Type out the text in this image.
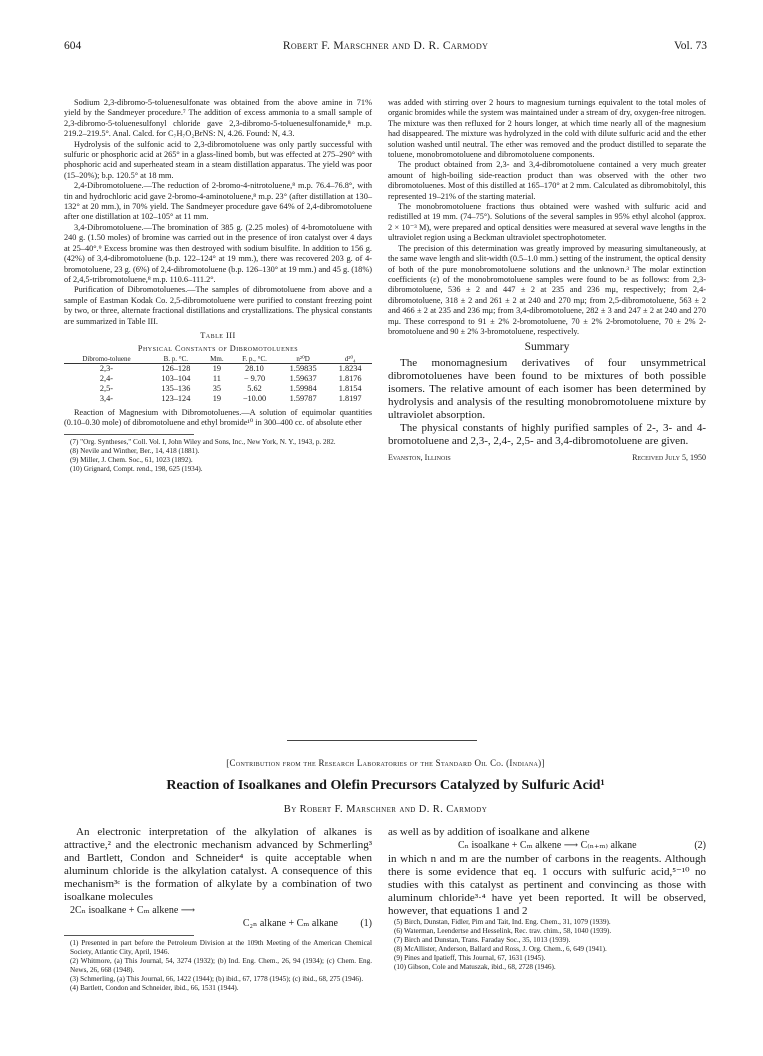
604	Robert F. Marschner and D. R. Carmody	Vol. 73

Sodium 2,3-dibromo-5-toluenesulfonate was obtained from the above amine in 71% yield by the Sandmeyer procedure.⁷ The addition of excess ammonia to a small sample of 2,3-dibromo-5-toluenesulfonyl chloride gave 2,3-dibromo-5-toluenesulfonamide,⁸ m.p. 219.2–219.5°. Anal. Calcd. for C₇H₇O₂BrNS: N, 4.26. Found: N, 4.3.

Hydrolysis of the sulfonic acid to 2,3-dibromotoluene was only partly successful with sulfuric or phosphoric acid at 265° in a glass-lined bomb, but was effected at 275–290° with phosphoric acid and superheated steam in a steam distillation apparatus. The yield was poor (15–20%); b.p. 120.5° at 18 mm.

2,4-Dibromotoluene.—The reduction of 2-bromo-4-nitrotoluene,⁸ m.p. 76.4–76.8°, with tin and hydrochloric acid gave 2-bromo-4-aminotoluene,⁸ m.p. 23° (after distillation at 130–132° at 20 mm.), in 70% yield. The Sandmeyer procedure gave 64% of 2,4-dibromotoluene after one distillation at 102–105° at 11 mm.

3,4-Dibromotoluene.—The bromination of 385 g. (2.25 moles) of 4-bromotoluene with 240 g. (1.50 moles) of bromine was carried out in the presence of iron catalyst over 4 days at 25–40°.⁹ Excess bromine was then destroyed with sodium bisulfite. In addition to 156 g. (42%) of 3,4-dibromotoluene (b.p. 122–124° at 19 mm.), there was recovered 203 g. of 4-bromotoluene, 23 g. (6%) of 2,4-dibromotoluene (b.p. 126–130° at 19 mm.) and 45 g. (18%) of 2,4,5-tribromotoluene,⁸ m.p. 110.6–111.2°.

Purification of Dibromotoluenes.—The samples of dibromotoluene from above and a sample of Eastman Kodak Co. 2,5-dibromotoluene were purified to constant freezing point by two, or three, alternate fractional distillations and crystallizations. The physical constants are summarized in Table III.

Table III
Physical Constants of Dibromotoluenes
Dibromo-toluene	B. p. °C.	Mm.	F. p., °C.	n²⁰D	d²⁰₄
2,3-	126–128	19	28.10	1.59835	1.8234
2,4-	103–104	11	− 9.70	1.59637	1.8176
2,5-	135–136	35	5.62	1.59984	1.8154
3,4-	123–124	19	−10.00	1.59787	1.8197

Reaction of Magnesium with Dibromotoluenes.—A solution of equimolar quantities (0.10–0.30 mole) of dibromotoluene and ethyl bromide¹⁰ in 300–400 cc. of absolute ether

(7) "Org. Syntheses," Coll. Vol. I, John Wiley and Sons, Inc., New York, N. Y., 1943, p. 282.

(8) Nevile and Winther, Ber., 14, 418 (1881).

(9) Miller, J. Chem. Soc., 61, 1023 (1892).

(10) Grignard, Compt. rend., 198, 625 (1934).

was added with stirring over 2 hours to magnesium turnings equivalent to the total moles of organic bromides while the system was maintained under a stream of dry, oxygen-free nitrogen. The mixture was then refluxed for 2 hours longer, at which time nearly all of the magnesium had disappeared. The mixture was hydrolyzed in the cold with dilute sulfuric acid and the ether solution washed until neutral. The ether was removed and the product distilled to separate the toluene, monobromotoluene and dibromotoluene components.

The product obtained from 2,3- and 3,4-dibromotoluene contained a very much greater amount of high-boiling side-reaction product than was observed with the other two dibromotoluenes. Most of this distilled at 165–170° at 2 mm. Calculated as dibromobitolyl, this represented 19–21% of the starting material.

The monobromotoluene fractions thus obtained were washed with sulfuric acid and redistilled at 19 mm. (74–75°). Solutions of the several samples in 95% ethyl alcohol (approx. 2 × 10⁻³ M), were prepared and optical densities were measured at several wave lengths in the ultraviolet region using a Beckman ultraviolet spectrophotometer.

The precision of this determination was greatly improved by measuring simultaneously, at the same wave length and slit-width (0.5–1.0 mm.) setting of the instrument, the optical density of both of the pure monobromotoluene solutions and the unknown.³ The molar extinction coefficients (ε) of the monobromotoluene samples were found to be as follows: from 2,3-dibromotoluene, 536 ± 2 and 447 ± 2 at 235 and 236 mμ, respectively; from 2,4-dibromotoluene, 318 ± 2 and 261 ± 2 at 240 and 270 mμ; from 2,5-dibromotoluene, 563 ± 2 and 466 ± 2 at 235 and 236 mμ; from 3,4-dibromotoluene, 282 ± 3 and 247 ± 2 at 240 and 270 mμ. These correspond to 91 ± 2% 2-bromotoluene, 70 ± 2% 2-bromotoluene, 70 ± 2% 2-bromotoluene and 90 ± 2% 3-bromotoluene, respectively.

Summary

The monomagnesium derivatives of four unsymmetrical dibromotoluenes have been found to be mixtures of both possible isomers. The relative amount of each isomer has been determined by hydrolysis and analysis of the resulting monobromotoluene mixture by ultraviolet absorption.

The physical constants of highly purified samples of 2-, 3- and 4-bromotoluene and 2,3-, 2,4-, 2,5- and 3,4-dibromotoluene are given.

Evanston, Illinois	Received July 5, 1950
[Contribution from the Research Laboratories of the Standard Oil Co. (Indiana)]
Reaction of Isoalkanes and Olefin Precursors Catalyzed by Sulfuric Acid¹
By Robert F. Marschner and D. R. Carmody

An electronic interpretation of the alkylation of alkanes is attractive,² and the electronic mechanism advanced by Schmerling³ and Bartlett, Condon and Schneider⁴ is quite acceptable when aluminum chloride is the alkylation catalyst. A consequence of this mechanism³ᶜ is the formation of alkylate by a combination of two isoalkane molecules

2Cₙ isoalkane + Cₘ alkene ⟶
C₂ₙ alkane + Cₘ alkane (1)

(1) Presented in part before the Petroleum Division at the 109th Meeting of the American Chemical Society, Atlantic City, April, 1946.

(2) Whitmore, (a) This Journal, 54, 3274 (1932); (b) Ind. Eng. Chem., 26, 94 (1934); (c) Chem. Eng. News, 26, 668 (1948).

(3) Schmerling, (a) This Journal, 66, 1422 (1944); (b) ibid., 67, 1778 (1945); (c) ibid., 68, 275 (1946).

(4) Bartlett, Condon and Schneider, ibid., 66, 1531 (1944).

as well as by addition of isoalkane and alkene

Cₙ isoalkane + Cₘ alkene ⟶ C₍ₙ₊ₘ₎ alkane	(2)

in which n and m are the number of carbons in the reagents. Although there is some evidence that eq. 1 occurs with sulfuric acid,⁵⁻¹⁰ no studies with this catalyst as pertinent and convincing as those with aluminum chloride³·⁴ have yet been reported. It will be observed, however, that equations 1 and 2

(5) Birch, Dunstan, Fidler, Pim and Tait, Ind. Eng. Chem., 31, 1079 (1939).

(6) Waterman, Leendertse and Hesselink, Rec. trav. chim., 58, 1040 (1939).

(7) Birch and Dunstan, Trans. Faraday Soc., 35, 1013 (1939).

(8) McAllister, Anderson, Ballard and Ross, J. Org. Chem., 6, 649 (1941).

(9) Pines and Ipatieff, This Journal, 67, 1631 (1945).

(10) Gibson, Cole and Matuszak, ibid., 68, 2728 (1946).
